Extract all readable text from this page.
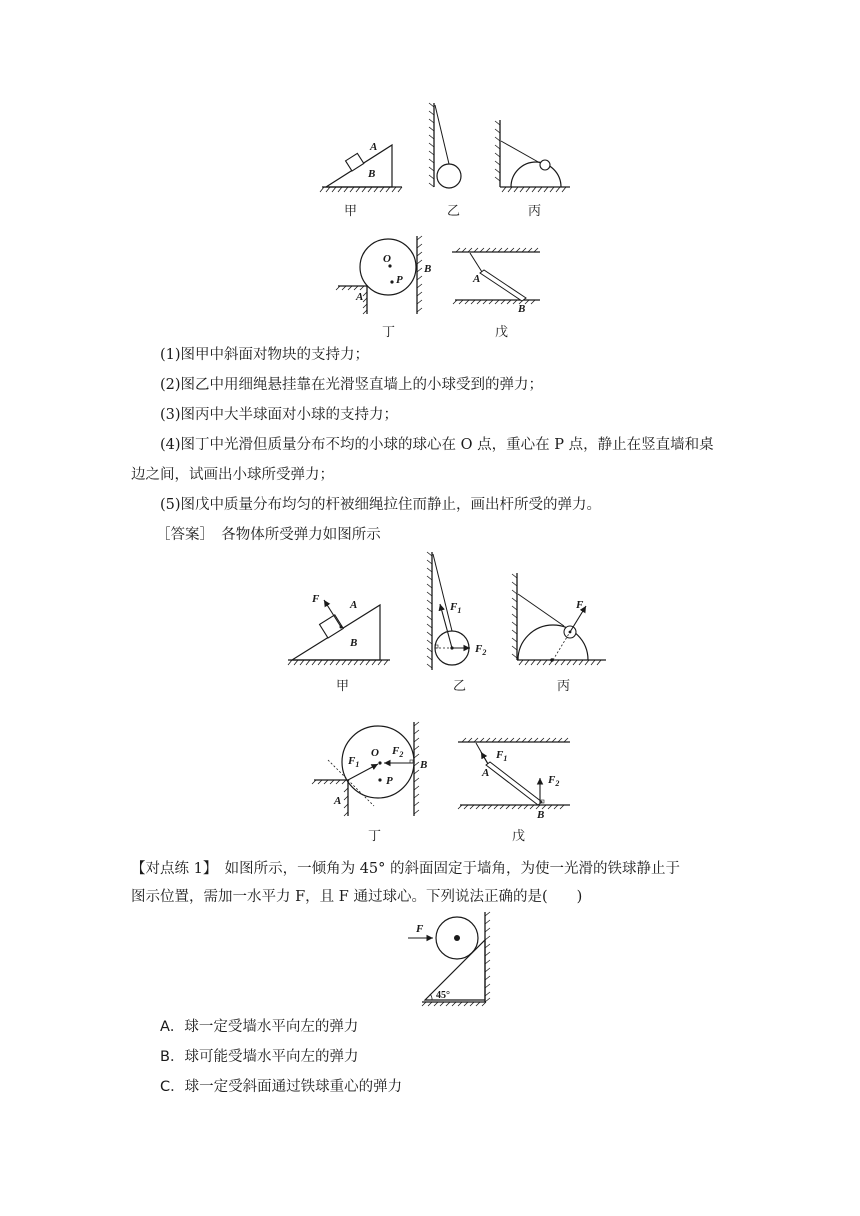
A
B
甲	乙	丙
O
P
A
B
A
B
丁	戊
(1)图甲中斜面对物块的支持力；
(2)图乙中用细绳悬挂靠在光滑竖直墙上的小球受到的弹力；
(3)图丙中大半球面对小球的支持力；
(4)图丁中光滑但质量分布不均的小球的球心在 O 点，重心在 P 点，静止在竖直墙和桌
边之间，试画出小球所受弹力；
(5)图戊中质量分布均匀的杆被细绳拉住而静止，画出杆所受的弹力。
［答案］　各物体所受弹力如图所示
F	A
B
$F_1$
$F_2$
F
甲	乙	丙
O
P
$F_1$
$F_2$
A
B
$F_1$
$F_2$
A
B
丁	戊
【对点练 1】　如图所示，一倾角为 45° 的斜面固定于墙角，为使一光滑的铁球静止于
图示位置，需加一水平力 F，且 F 通过球心。下列说法正确的是(　　)
F
45°
A．球一定受墙水平向左的弹力
B．球可能受墙水平向左的弹力
C．球一定受斜面通过铁球重心的弹力
